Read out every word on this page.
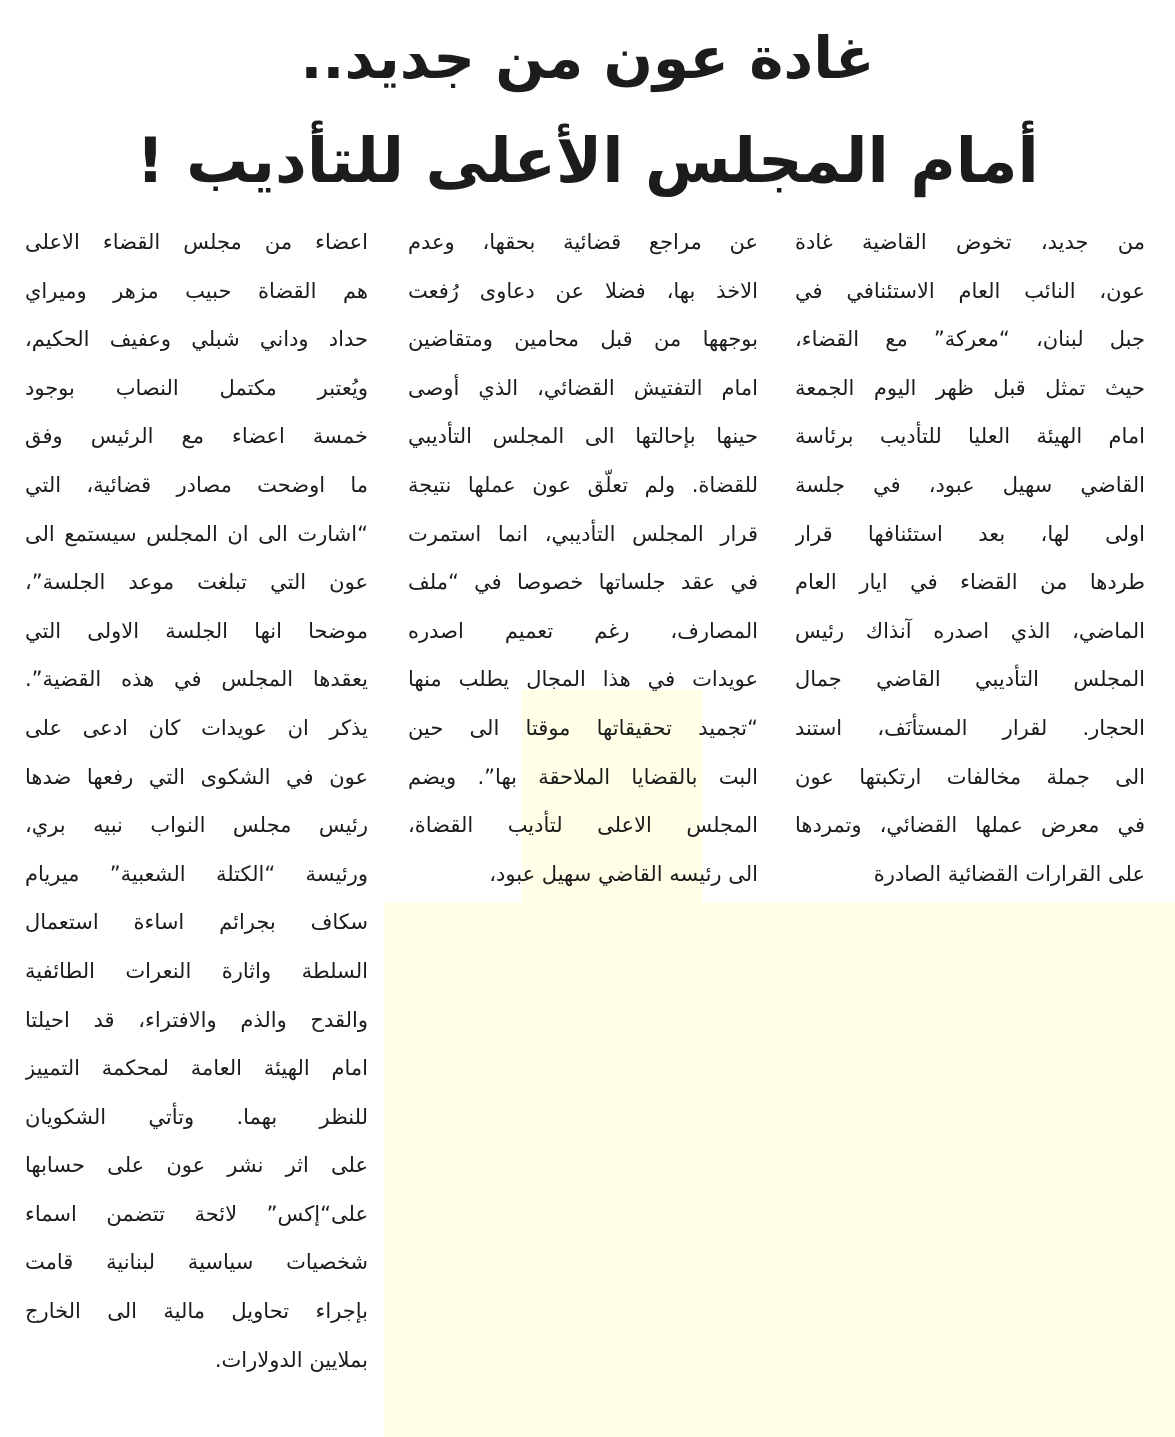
غادة عون من جديد..
أمام المجلس الأعلى للتأديب !
من جديد، تخوض القاضية غادة
عون، النائب العام الاستئنافي في
جبل لبنان، “معركة” مع القضاء،
حيث تمثل قبل ظهر اليوم الجمعة
امام الهيئة العليا للتأديب برئاسة
القاضي سهيل عبود، في جلسة
اولى لها، بعد استئنافها قرار
طردها من القضاء في ايار العام
الماضي، الذي اصدره آنذاك رئيس
المجلس التأديبي القاضي جمال
الحجار. لقرار المستأنَف، استند
الى جملة مخالفات ارتكبتها عون
في معرض عملها القضائي، وتمردها
على القرارات القضائية الصادرة
عن مراجع قضائية بحقها، وعدم
الاخذ بها، فضلا عن دعاوى رُفعت
بوجهها من قبل محامين ومتقاضين
امام التفتيش القضائي، الذي أوصى
حينها بإحالتها الى المجلس التأديبي
للقضاة. ولم تعلّق عون عملها نتيجة
قرار المجلس التأديبي، انما استمرت
في عقد جلساتها خصوصا في “ملف
المصارف، رغم تعميم اصدره
عويدات في هذا المجال يطلب منها
“تجميد تحقيقاتها موقتا الى حين
البت بالقضايا الملاحقة بها”. ويضم
المجلس الاعلى لتأديب القضاة،
الى رئيسه القاضي سهيل عبود،
اعضاء من مجلس القضاء الاعلى
هم القضاة حبيب مزهر وميراي
حداد وداني شبلي وعفيف الحكيم،
ويُعتبر مكتمل النصاب بوجود
خمسة اعضاء مع الرئيس وفق
ما اوضحت مصادر قضائية، التي
“اشارت الى ان المجلس سيستمع الى
عون التي تبلغت موعد الجلسة”،
موضحا انها الجلسة الاولى التي
يعقدها المجلس في هذه القضية”.
يذكر ان عويدات كان ادعى على
عون في الشكوى التي رفعها ضدها
رئيس مجلس النواب نبيه بري،
ورئيسة “الكتلة الشعبية” ميريام
سكاف بجرائم اساءة استعمال
السلطة واثارة النعرات الطائفية
والقدح والذم والافتراء، قد احيلتا
امام الهيئة العامة لمحكمة التمييز
للنظر بهما. وتأتي الشكويان
على اثر نشر عون على حسابها
على“إكس” لائحة تتضمن اسماء
شخصيات سياسية لبنانية قامت
بإجراء تحاويل مالية الى الخارج
بملايين الدولارات.
